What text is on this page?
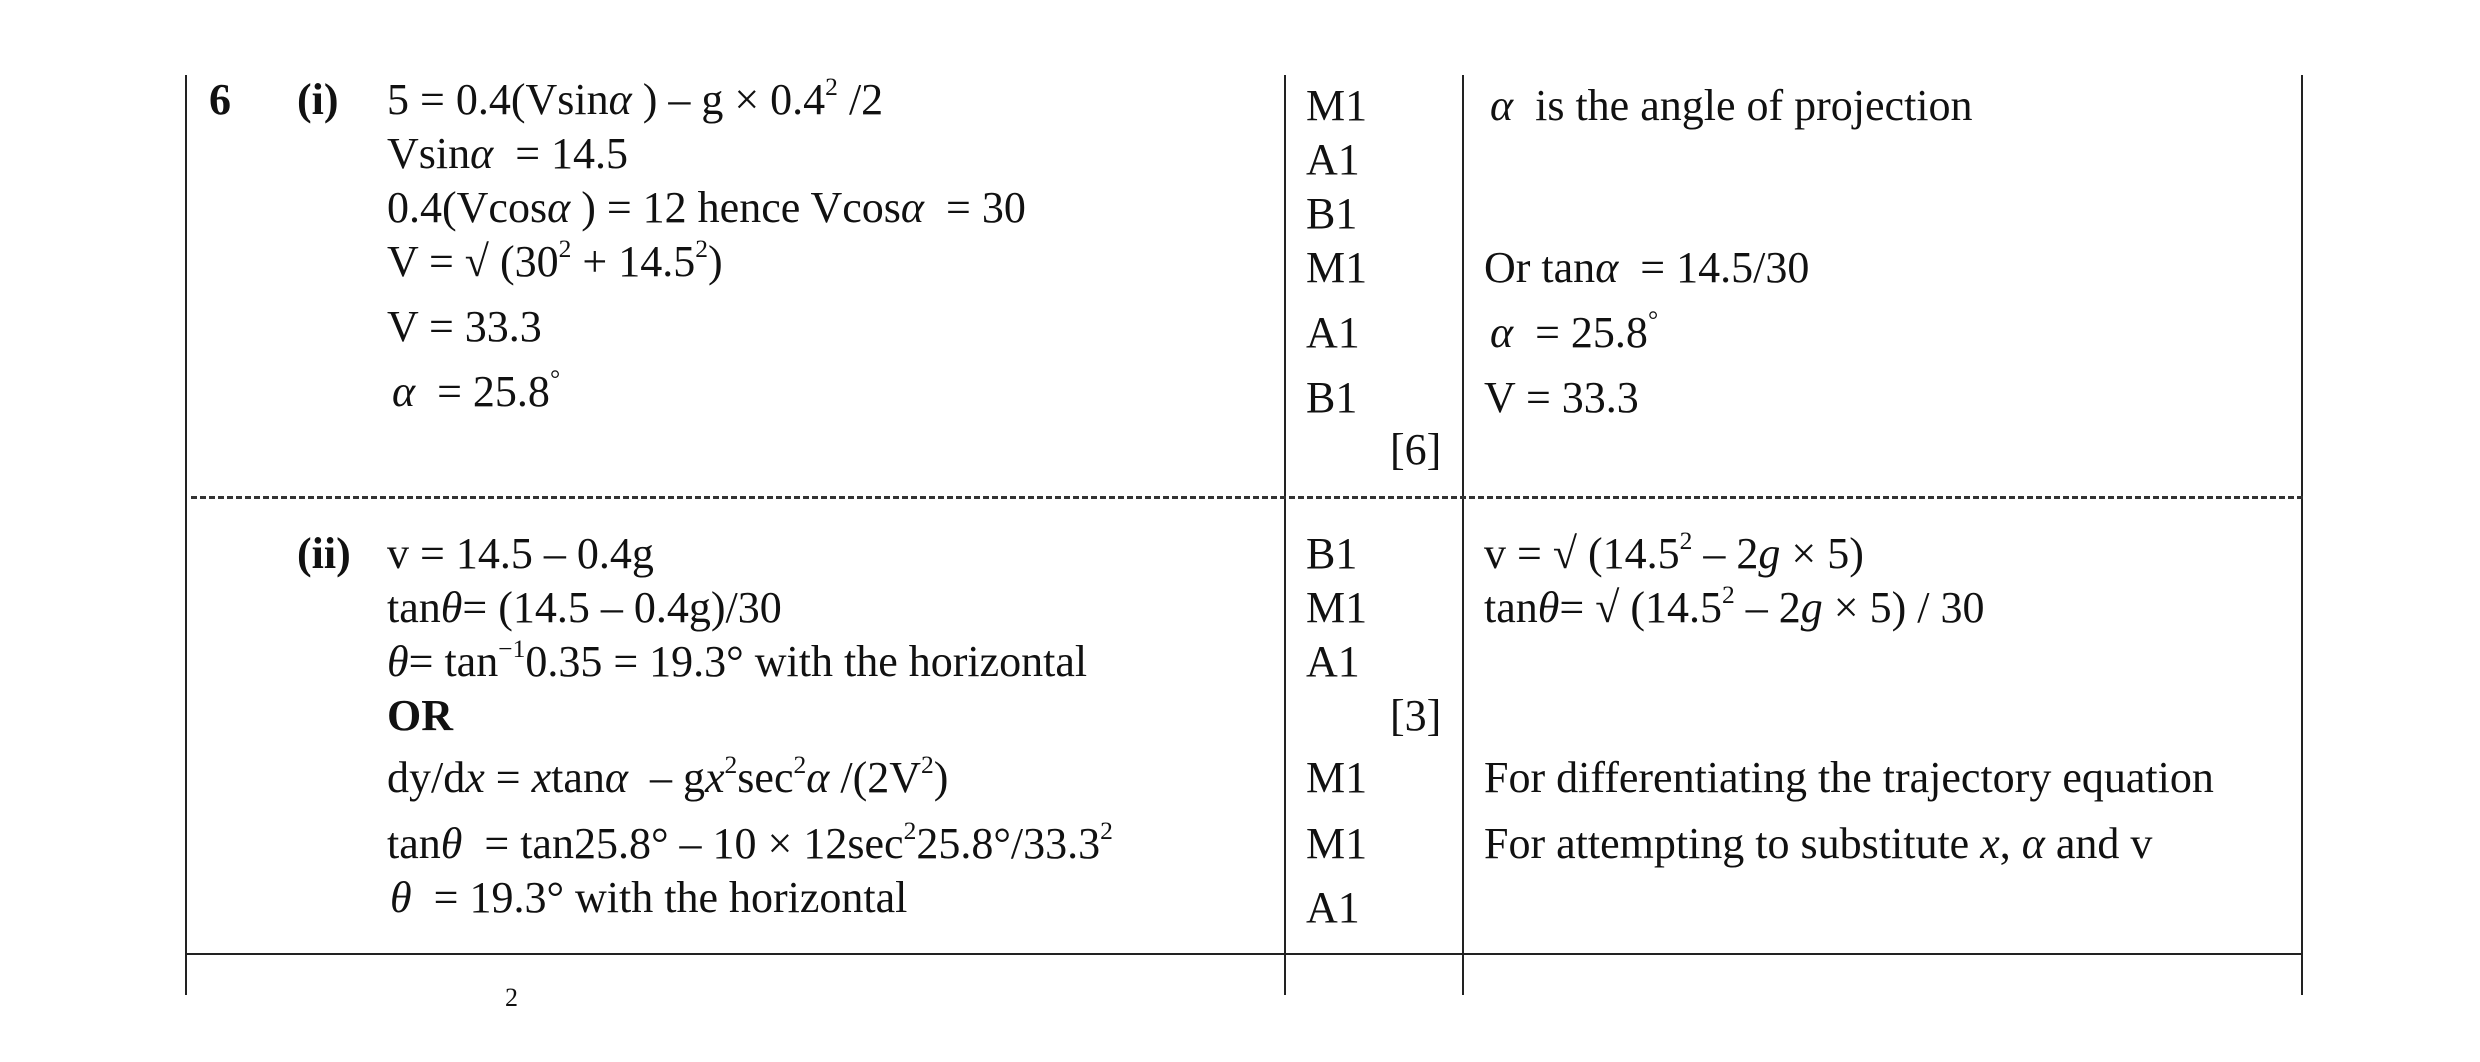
6 (i) 5 = 0.4(Vsinα ) – $g \times 0.4^2$ /2
Vsinα  = 14.5
0.4(Vcosα ) = 12 hence Vcosα  = 30
V = √ $(30^2 + 14.5^2)$
V = 33.3
α  = 25.8°
M1
A1
B1
M1
A1
B1
[6]
α  is the angle of projection
Or tanα  = 14.5/30
α  = 25.8°
V = 33.3
(ii) v = 14.5 – 0.4g
tanθ= (14.5 – 0.4g)/30
$\theta= \tan^{-1}0.35 = 19.3^\circ$ with the horizontal
OR
$dy/dx = xtan\alpha - gx^2\sec^2\alpha$ $/(2V^2)$
$\tan\theta = \tan 25.8^\circ - 10 \times 12\sec^225.8^\circ/33.3^2$
θ  = 19.3° with the horizontal
B1
M1
A1
[3]
M1
M1
A1
v = √ (14.5$^2$ – 2g × 5)
tanθ= √ (14.5$^2$ – 2g × 5) / 30
For differentiating the trajectory equation
For attempting to substitute x, α and v
2
